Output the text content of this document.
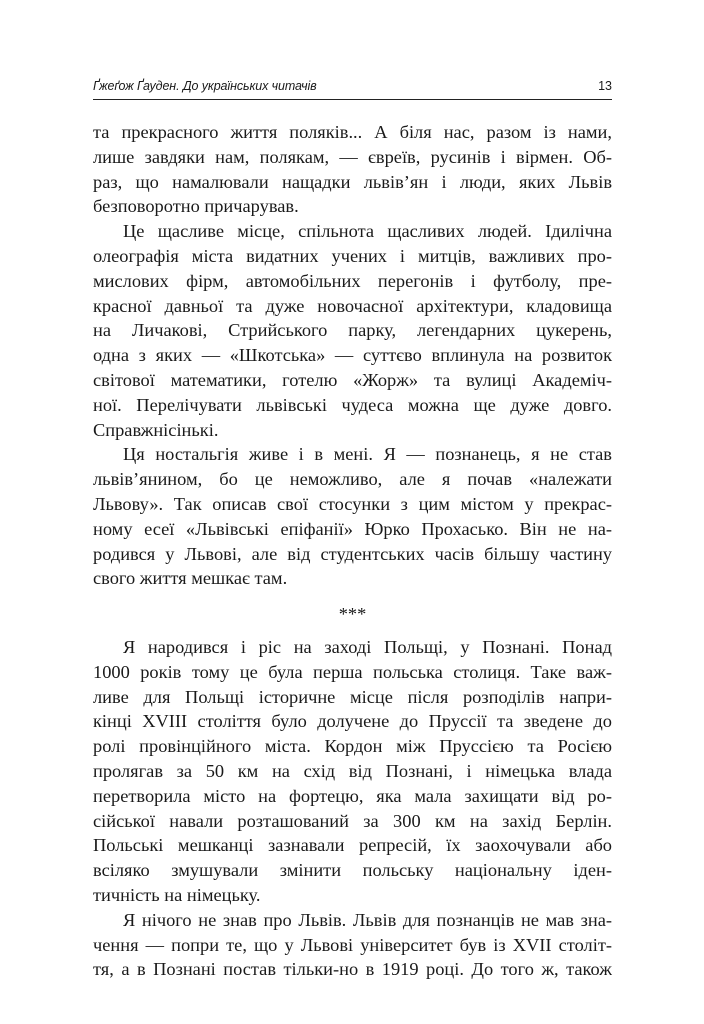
Ґжеґож Ґауден. До українських читачів	13
та прекрасного життя поляків... А біля нас, разом із нами,
лише завдяки нам, полякам, — євреїв, русинів і вірмен. Об-
раз, що намалювали нащадки львів’ян і люди, яких Львів
безповоротно причарував.
Це щасливе місце, спільнота щасливих людей. Ідилічна
олеографія міста видатних учених і митців, важливих про-
мислових фірм, автомобільних перегонів і футболу, пре-
красної давньої та дуже новочасної архітектури, кладовища
на Личакові, Стрийського парку, легендарних цукерень,
одна з яких — «Шкотська» — суттєво вплинула на розвиток
світової математики, готелю «Жорж» та вулиці Академіч-
ної. Перелічувати львівські чудеса можна ще дуже довго.
Справжнісінькі.
Ця ностальгія живе і в мені. Я — познанець, я не став
львів’янином, бо це неможливо, але я почав «належати
Львову». Так описав свої стосунки з цим містом у прекрас-
ному есеї «Львівські епіфанії» Юрко Прохасько. Він не на-
родився у Львові, але від студентських часів більшу частину
свого життя мешкає там.
***
Я народився і ріс на заході Польщі, у Познані. Понад
1000 років тому це була перша польська столиця. Таке важ-
ливе для Польщі історичне місце після розподілів напри-
кінці XVIII століття було долучене до Пруссії та зведене до
ролі провінційного міста. Кордон між Пруссією та Росією
пролягав за 50 км на схід від Познані, і німецька влада
перетворила місто на фортецю, яка мала захищати від ро-
сійської навали розташований за 300 км на захід Берлін.
Польські мешканці зазнавали репресій, їх заохочували або
всіляко змушували змінити польську національну іден-
тичність на німецьку.
Я нічого не знав про Львів. Львів для познанців не мав зна-
чення — попри те, що у Львові університет був із XVII століт-
тя, а в Познані постав тільки-но в 1919 році. До того ж, також
